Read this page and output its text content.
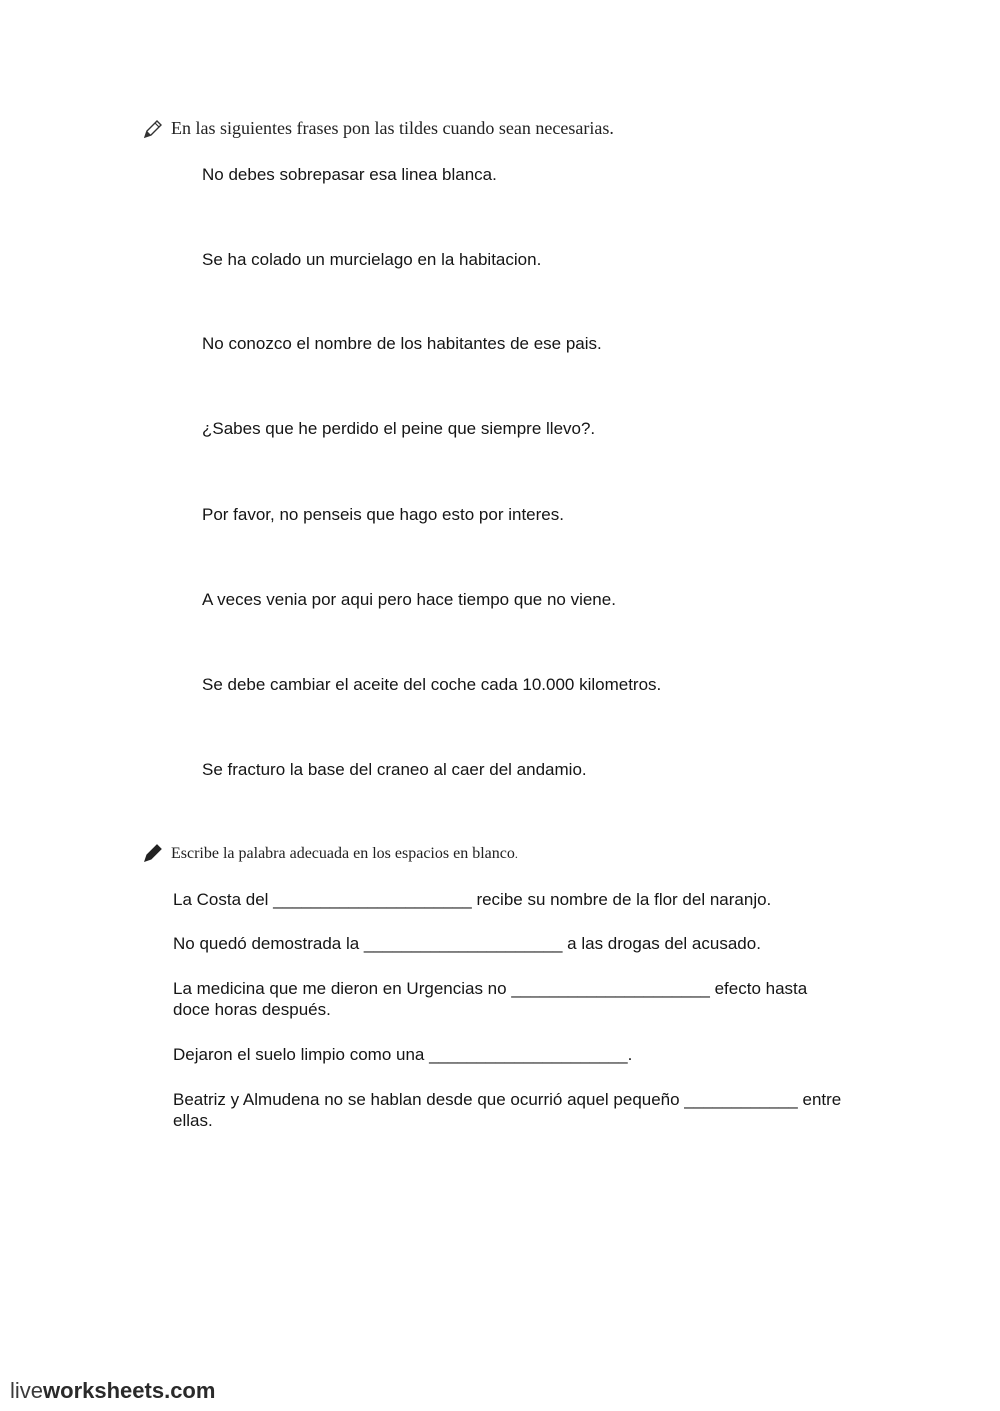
En las siguientes frases pon las tildes cuando sean necesarias.

No debes sobrepasar esa linea blanca.

Se ha colado un murcielago en la habitacion.

No conozco el nombre de los habitantes de ese pais.

¿Sabes que he perdido el peine que siempre llevo?.

Por favor, no penseis que hago esto por interes.

A veces venia por aqui pero hace tiempo que no viene.

Se debe cambiar el aceite del coche cada 10.000 kilometros.

Se fracturo la base del craneo al caer del andamio.

Escribe la palabra adecuada en los espacios en blanco.

La Costa del _____________________ recibe su nombre de la flor del naranjo.

No quedó demostrada la _____________________ a las drogas del acusado.

La medicina que me dieron en Urgencias no _____________________ efecto hasta doce horas después.

Dejaron el suelo limpio como una _____________________.

Beatriz y Almudena no se hablan desde que ocurrió aquel pequeño ____________ entre ellas.

liveworksheets.com
